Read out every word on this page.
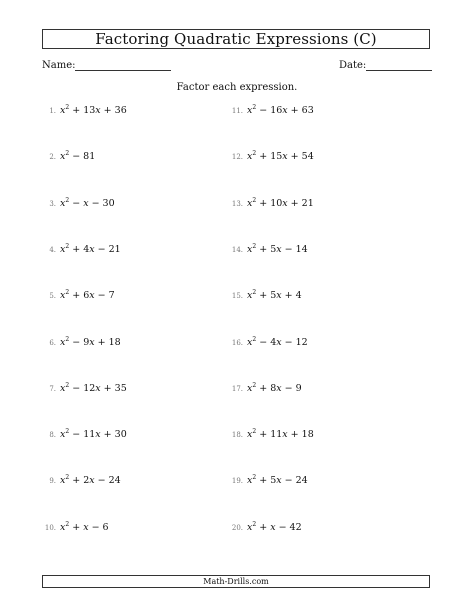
Factoring Quadratic Expressions (C)
Name:	Date:
Factor each expression.
1. $x^2 + 13x + 36$
2. $x^2 - 81$
3. $x^2 - x - 30$
4. $x^2 + 4x - 21$
5. $x^2 + 6x - 7$
6. $x^2 - 9x + 18$
7. $x^2 - 12x + 35$
8. $x^2 - 11x + 30$
9. $x^2 + 2x - 24$
10. $x^2 + x - 6$
11. $x^2 - 16x + 63$
12. $x^2 + 15x + 54$
13. $x^2 + 10x + 21$
14. $x^2 + 5x - 14$
15. $x^2 + 5x + 4$
16. $x^2 - 4x - 12$
17. $x^2 + 8x - 9$
18. $x^2 + 11x + 18$
19. $x^2 + 5x - 24$
20. $x^2 + x - 42$
Math-Drills.com
